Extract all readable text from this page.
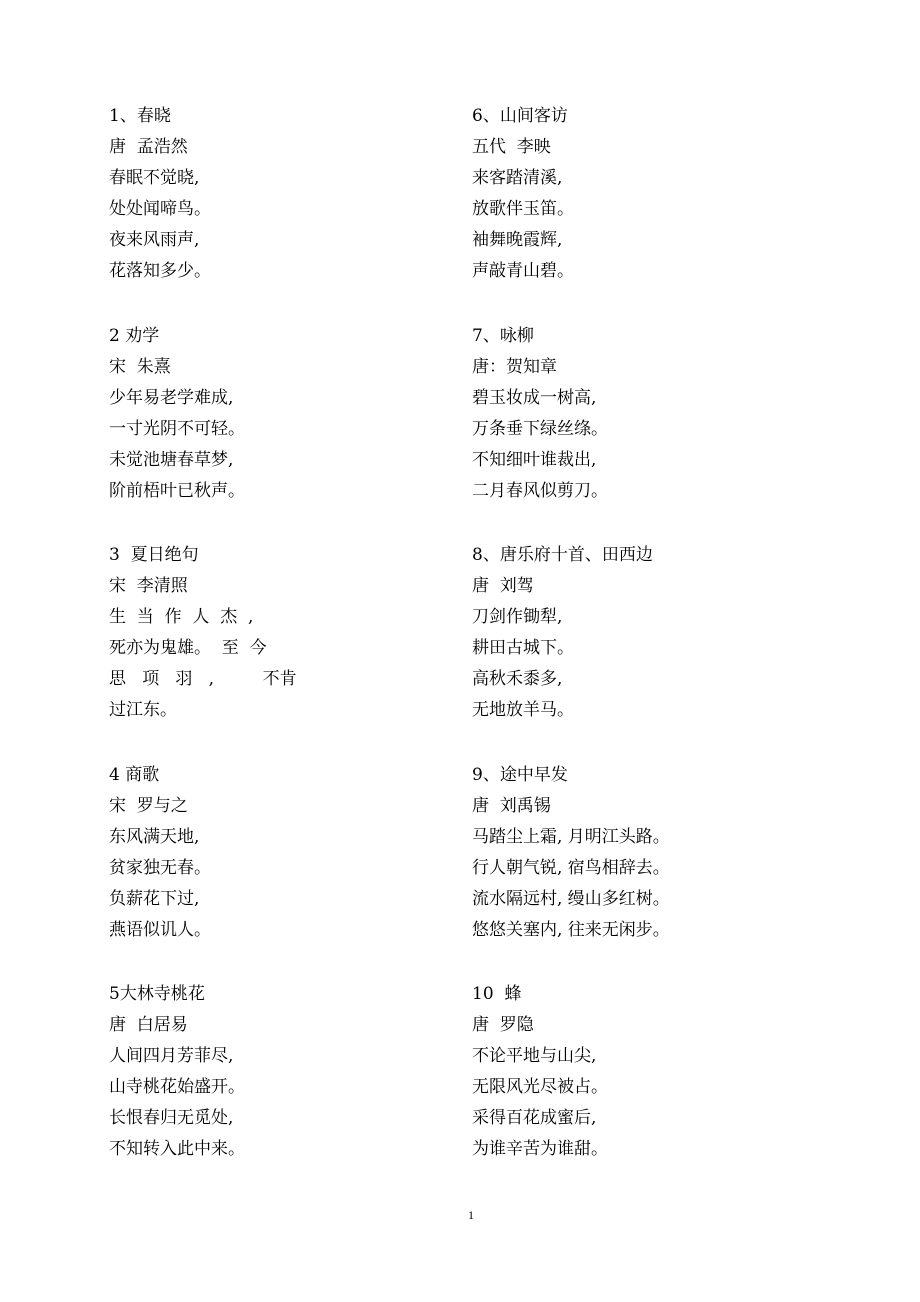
1、春晓
唐  孟浩然
春眠不觉晓,
处处闻啼鸟。
夜来风雨声,
花落知多少。
2 劝学
宋  朱熹
少年易老学难成,
一寸光阴不可轻。
未觉池塘春草梦,
阶前梧叶已秋声。
3  夏日绝句
宋  李清照
生  当  作  人  杰  ,
死亦为鬼雄。  至  今
思   项   羽   ,         不肯
过江东。
4 商歌
宋  罗与之
东风满天地,
贫家独无春。
负薪花下过,
燕语似讥人。
5大林寺桃花
唐  白居易
人间四月芳菲尽,
山寺桃花始盛开。
长恨春归无觅处,
不知转入此中来。
6、山间客访
五代  李映
来客踏清溪,
放歌伴玉笛。
袖舞晚霞辉,
声敲青山碧。
7、咏柳
唐：贺知章
碧玉妆成一树高,
万条垂下绿丝绦。
不知细叶谁裁出,
二月春风似剪刀。
8、唐乐府十首、田西边
唐  刘驾
刀剑作锄犁,
耕田古城下。
高秋禾黍多,
无地放羊马。
9、途中早发
唐  刘禹锡
马踏尘上霜, 月明江头路。
行人朝气锐, 宿鸟相辞去。
流水隔远村, 缦山多红树。
悠悠关塞内, 往来无闲步。
10  蜂
唐  罗隐
不论平地与山尖,
无限风光尽被占。
采得百花成蜜后,
为谁辛苦为谁甜。
1
